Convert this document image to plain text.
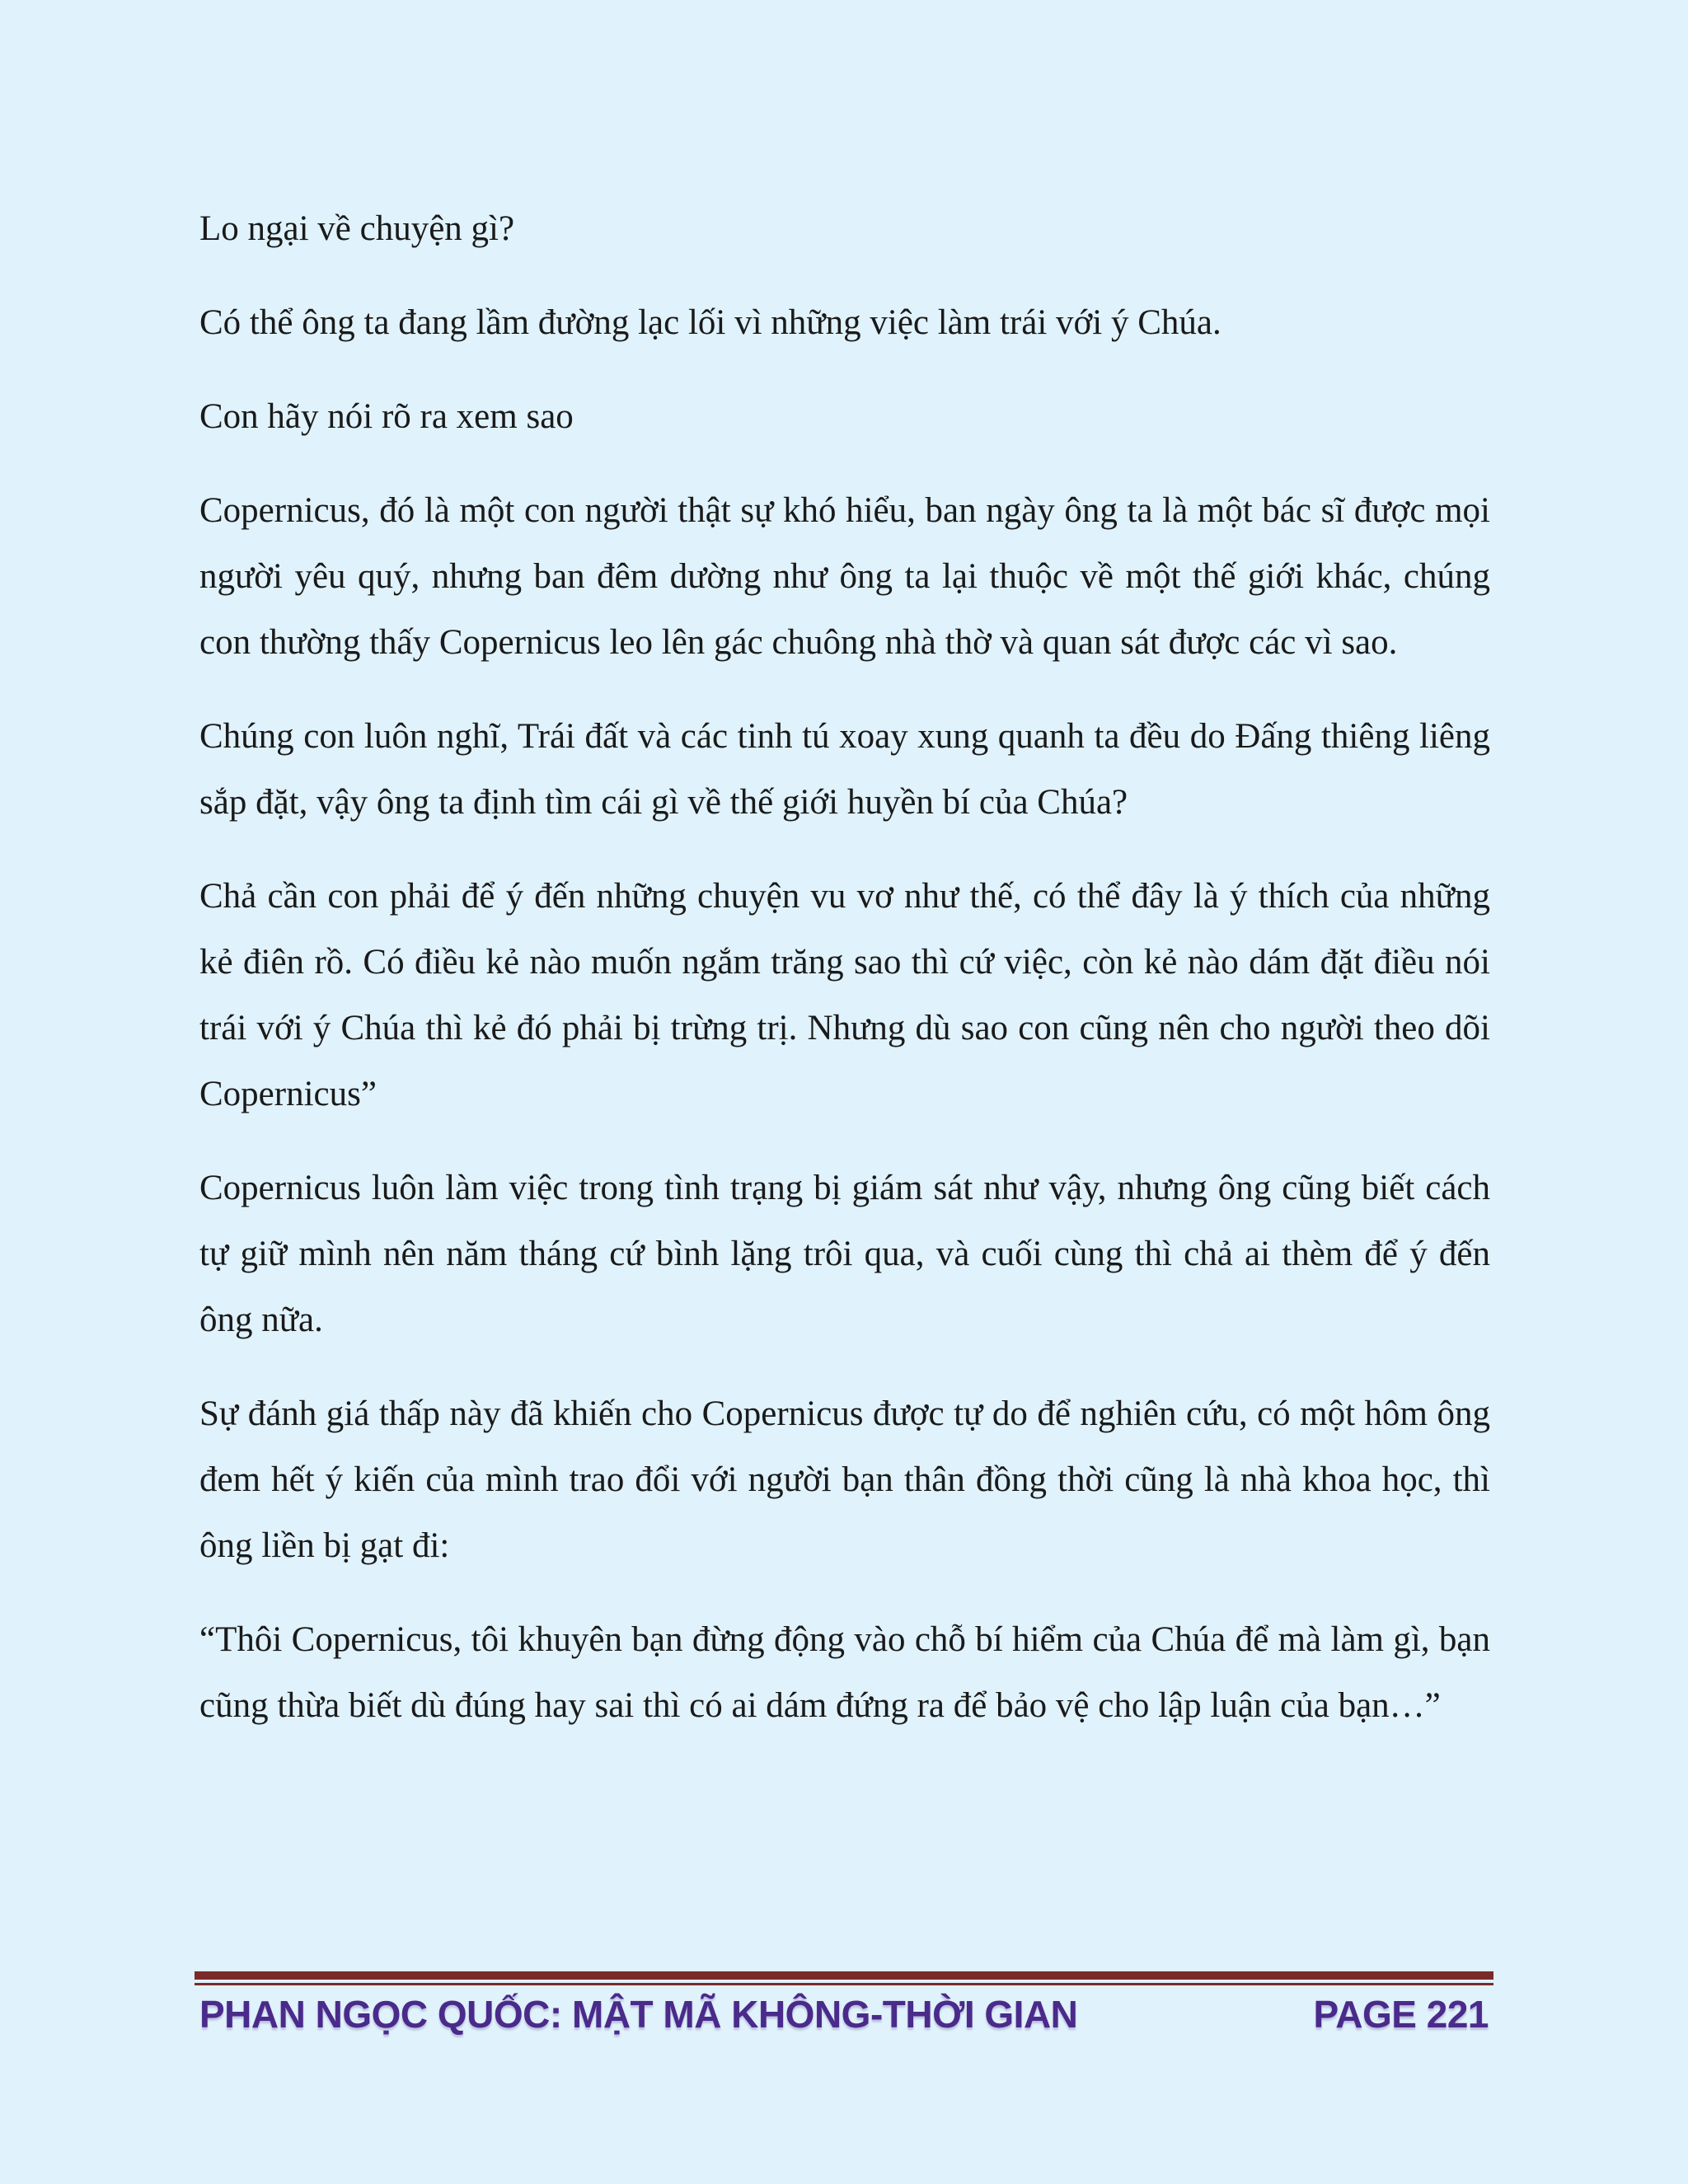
Lo ngại về chuyện gì?

Có thể ông ta đang lầm đường lạc lối vì những việc làm trái với ý Chúa.

Con hãy nói rõ ra xem sao

Copernicus, đó là một con người thật sự khó hiểu, ban ngày ông ta là một bác sĩ được mọi người yêu quý, nhưng ban đêm dường như ông ta lại thuộc về một thế giới khác, chúng con thường thấy Copernicus leo lên gác chuông nhà thờ và quan sát được các vì sao.

Chúng con luôn nghĩ, Trái đất và các tinh tú xoay xung quanh ta đều do Đấng thiêng liêng sắp đặt, vậy ông ta định tìm cái gì về thế giới huyền bí của Chúa?

Chả cần con phải để ý đến những chuyện vu vơ như thế, có thể đây là ý thích của những kẻ điên rồ. Có điều kẻ nào muốn ngắm trăng sao thì cứ việc, còn kẻ nào dám đặt điều nói trái với ý Chúa thì kẻ đó phải bị trừng trị. Nhưng dù sao con cũng nên cho người theo dõi Copernicus”

Copernicus luôn làm việc trong tình trạng bị giám sát như vậy, nhưng ông cũng biết cách tự giữ mình nên năm tháng cứ bình lặng trôi qua, và cuối cùng thì chả ai thèm để ý đến ông nữa.

Sự đánh giá thấp này đã khiến cho Copernicus được tự do để nghiên cứu, có một hôm ông đem hết ý kiến của mình trao đổi với người bạn thân đồng thời cũng là nhà khoa học, thì ông liền bị gạt đi:

“Thôi Copernicus, tôi khuyên bạn đừng động vào chỗ bí hiểm của Chúa để mà làm gì, bạn cũng thừa biết dù đúng hay sai thì có ai dám đứng ra để bảo vệ cho lập luận của bạn…”

PHAN NGỌC QUỐC: MẬT MÃ KHÔNG-THỜI GIAN	PAGE 221
